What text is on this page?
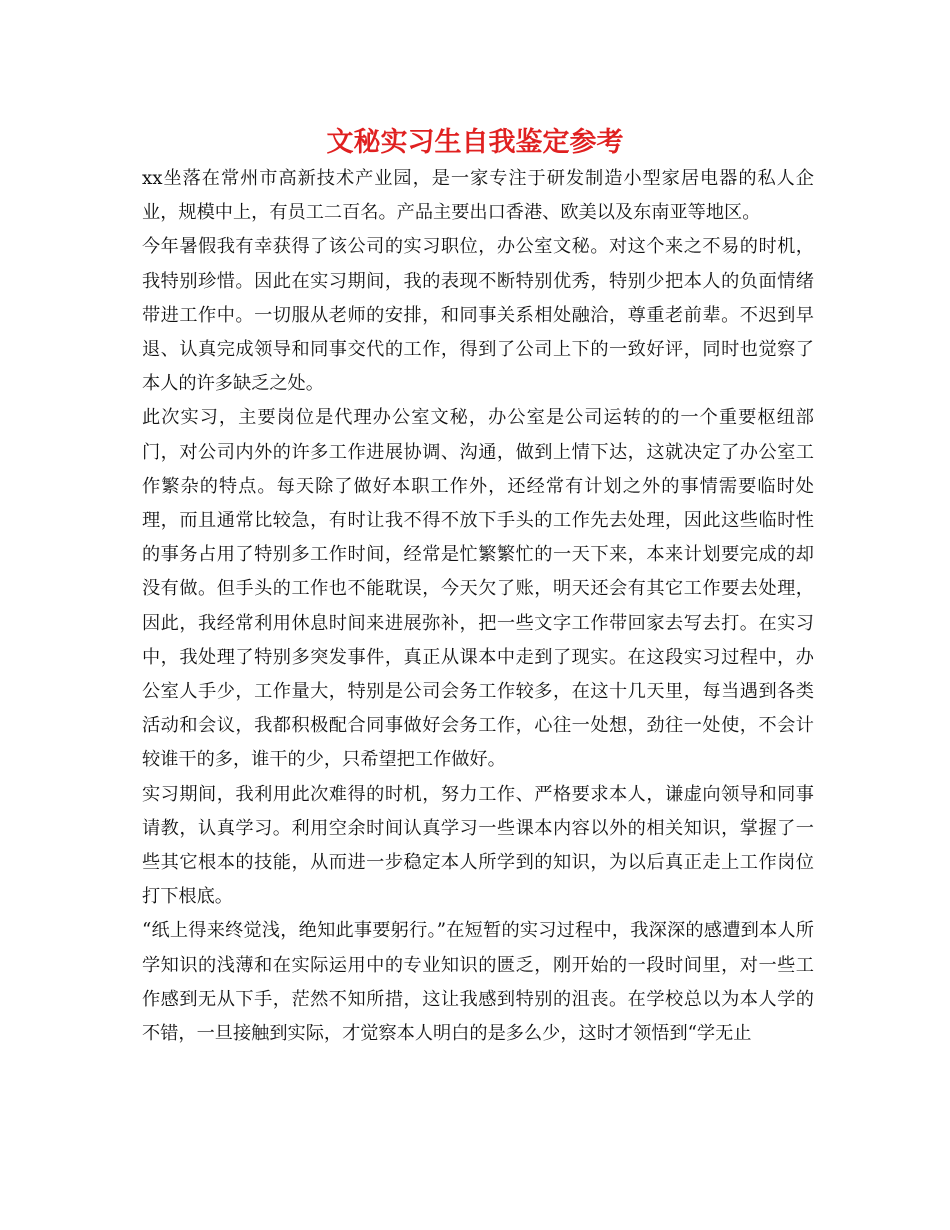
文秘实习生自我鉴定参考

xx坐落在常州市高新技术产业园，是一家专注于研发制造小型家居电器的私人企业，规模中上，有员工二百名。产品主要出口香港、欧美以及东南亚等地区。

今年暑假我有幸获得了该公司的实习职位，办公室文秘。对这个来之不易的时机，我特别珍惜。因此在实习期间，我的表现不断特别优秀，特别少把本人的负面情绪带进工作中。一切服从老师的安排，和同事关系相处融洽，尊重老前辈。不迟到早退、认真完成领导和同事交代的工作，得到了公司上下的一致好评，同时也觉察了本人的许多缺乏之处。

此次实习，主要岗位是代理办公室文秘，办公室是公司运转的的一个重要枢纽部门，对公司内外的许多工作进展协调、沟通，做到上情下达，这就决定了办公室工作繁杂的特点。每天除了做好本职工作外，还经常有计划之外的事情需要临时处理，而且通常比较急，有时让我不得不放下手头的工作先去处理，因此这些临时性的事务占用了特别多工作时间，经常是忙繁繁忙的一天下来，本来计划要完成的却没有做。但手头的工作也不能耽误，今天欠了账，明天还会有其它工作要去处理，因此，我经常利用休息时间来进展弥补，把一些文字工作带回家去写去打。在实习中，我处理了特别多突发事件，真正从课本中走到了现实。在这段实习过程中，办公室人手少，工作量大，特别是公司会务工作较多，在这十几天里，每当遇到各类活动和会议，我都积极配合同事做好会务工作，心往一处想，劲往一处使，不会计较谁干的多，谁干的少，只希望把工作做好。

实习期间，我利用此次难得的时机，努力工作、严格要求本人，谦虚向领导和同事请教，认真学习。利用空余时间认真学习一些课本内容以外的相关知识，掌握了一些其它根本的技能，从而进一步稳定本人所学到的知识，为以后真正走上工作岗位打下根底。

“纸上得来终觉浅，绝知此事要躬行。”在短暂的实习过程中，我深深的感遭到本人所学知识的浅薄和在实际运用中的专业知识的匮乏，刚开始的一段时间里，对一些工作感到无从下手，茫然不知所措，这让我感到特别的沮丧。在学校总以为本人学的不错，一旦接触到实际，才觉察本人明白的是多么少，这时才领悟到“学无止
